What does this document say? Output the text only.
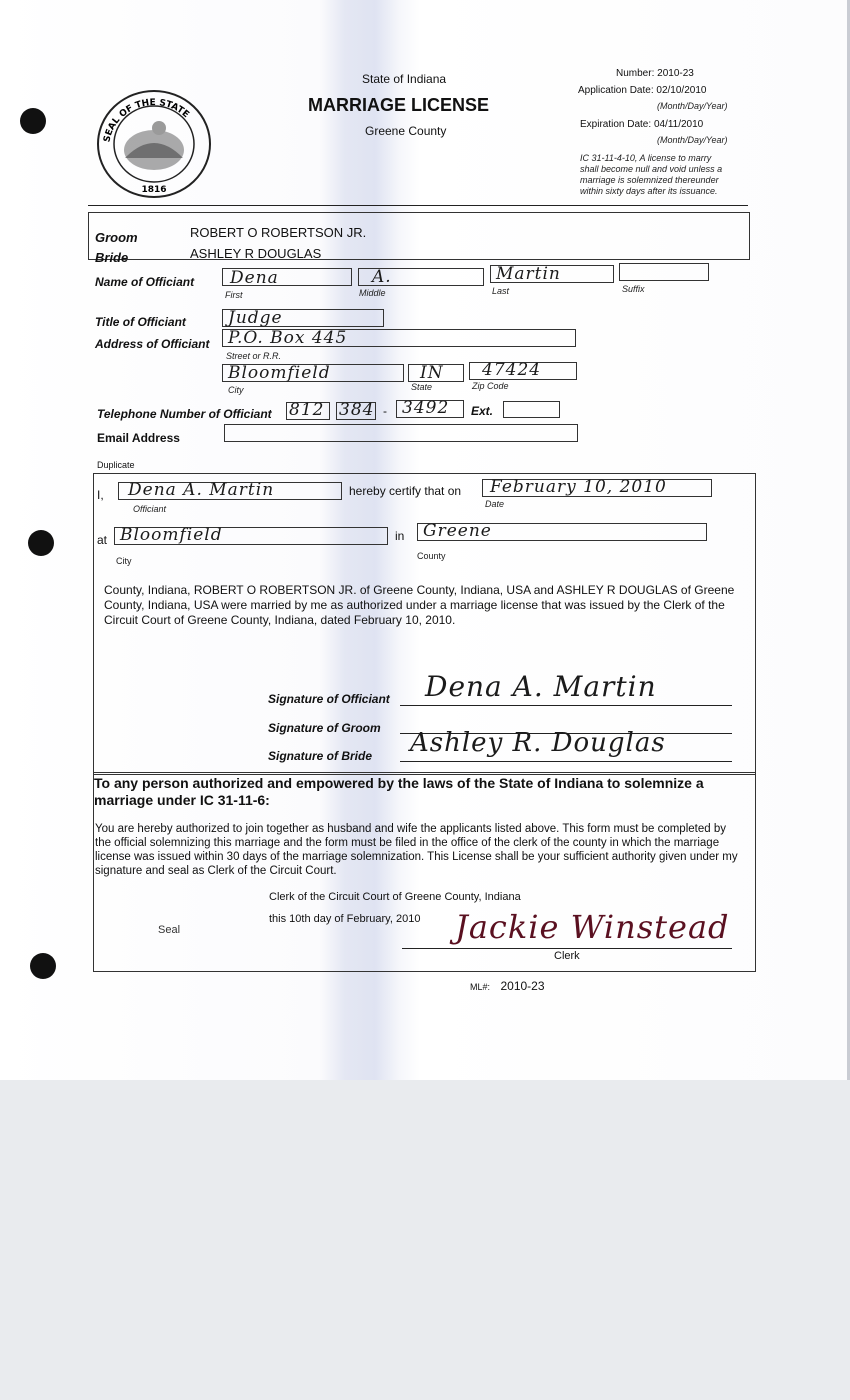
SEAL OF THE STATE
1816
State of Indiana
MARRIAGE LICENSE
Greene County
Number: 2010-23
Application Date: 02/10/2010
(Month/Day/Year)
Expiration Date: 04/11/2010
(Month/Day/Year)
IC 31-11-4-10, A license to marry
shall become null and void unless a
marriage is solemnized thereunder
within sixty days after its issuance.
Groom	ROBERT O ROBERTSON JR.
Bride	ASHLEY R DOUGLAS
Name of Officiant Dena
First
A.
Middle
Martin
Last	Suffix
Title of Officiant Judge
Address of Officiant P.O. Box 445
Street or R.R.
Bloomfield
City
IN
State
47424
Zip Code
Telephone Number of Officiant 812 384 - 3492 Ext.
Email Address
Duplicate
I, Dena A. Martin
Officiant
hereby certify that on February 10, 2010
Date
at Bloomfield
City
in Greene
County
County, Indiana, ROBERT O ROBERTSON JR. of Greene County, Indiana, USA and ASHLEY R DOUGLAS of Greene County, Indiana, USA were married by me as authorized under a marriage license that was issued by the Clerk of the Circuit Court of Greene County, Indiana, dated February 10, 2010.
Signature of Officiant Dena A. Martin
Signature of Groom
Signature of Bride Ashley R. Douglas
To any person authorized and empowered by the laws of the State of Indiana to solemnize a marriage under IC 31-11-6:
You are hereby authorized to join together as husband and wife the applicants listed above. This form must be completed by the official solemnizing this marriage and the form must be filed in the office of the clerk of the county in which the marriage license was issued within 30 days of the marriage solemnization. This License shall be your sufficient authority given under my signature and seal as Clerk of the Circuit Court.
Clerk of the Circuit Court of Greene County, Indiana
this 10th day of February, 2010
Seal	Jackie Winstead
Clerk
ML#: 2010-23
